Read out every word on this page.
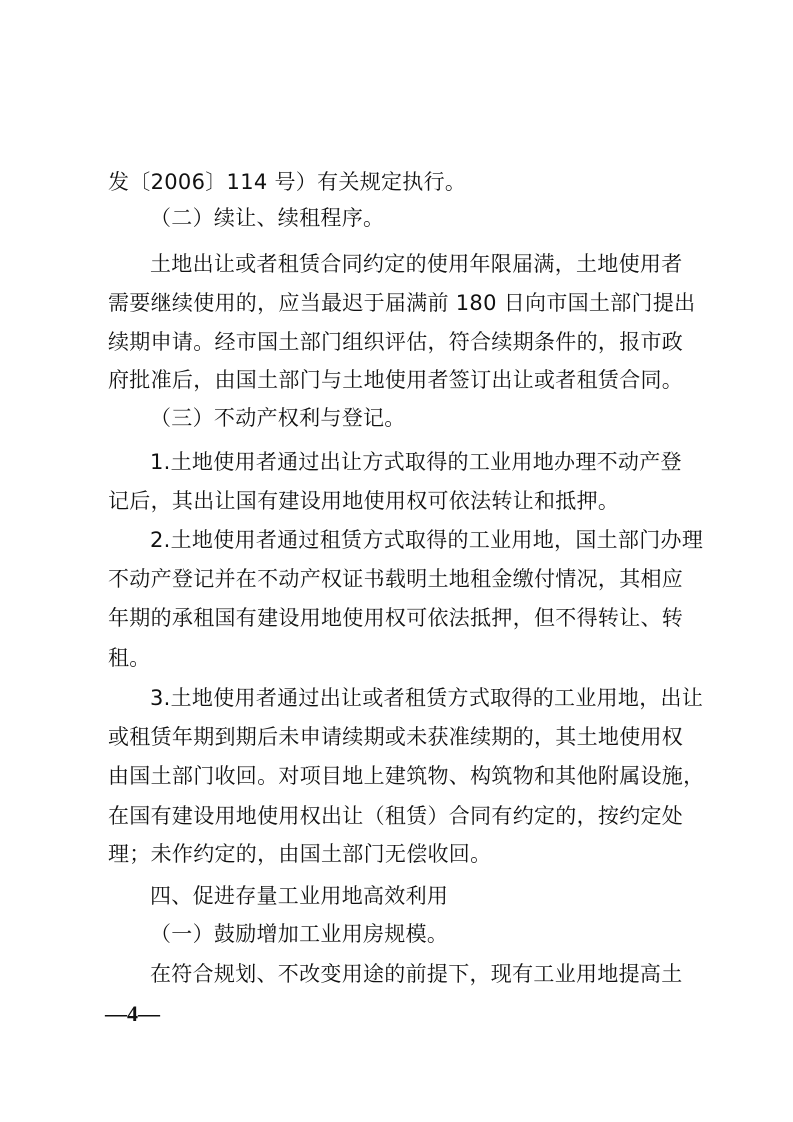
发〔2006〕114 号）有关规定执行。
（二）续让、续租程序。
土地出让或者租赁合同约定的使用年限届满，土地使用者
需要继续使用的，应当最迟于届满前 180 日向市国土部门提出
续期申请。经市国土部门组织评估，符合续期条件的，报市政
府批准后，由国土部门与土地使用者签订出让或者租赁合同。
（三）不动产权利与登记。
1.土地使用者通过出让方式取得的工业用地办理不动产登
记后，其出让国有建设用地使用权可依法转让和抵押。
2.土地使用者通过租赁方式取得的工业用地，国土部门办理
不动产登记并在不动产权证书载明土地租金缴付情况，其相应
年期的承租国有建设用地使用权可依法抵押，但不得转让、转
租。
3.土地使用者通过出让或者租赁方式取得的工业用地，出让
或租赁年期到期后未申请续期或未获准续期的，其土地使用权
由国土部门收回。对项目地上建筑物、构筑物和其他附属设施，
在国有建设用地使用权出让（租赁）合同有约定的，按约定处
理；未作约定的，由国土部门无偿收回。
四、促进存量工业用地高效利用
（一）鼓励增加工业用房规模。
在符合规划、不改变用途的前提下，现有工业用地提高土
—4—
